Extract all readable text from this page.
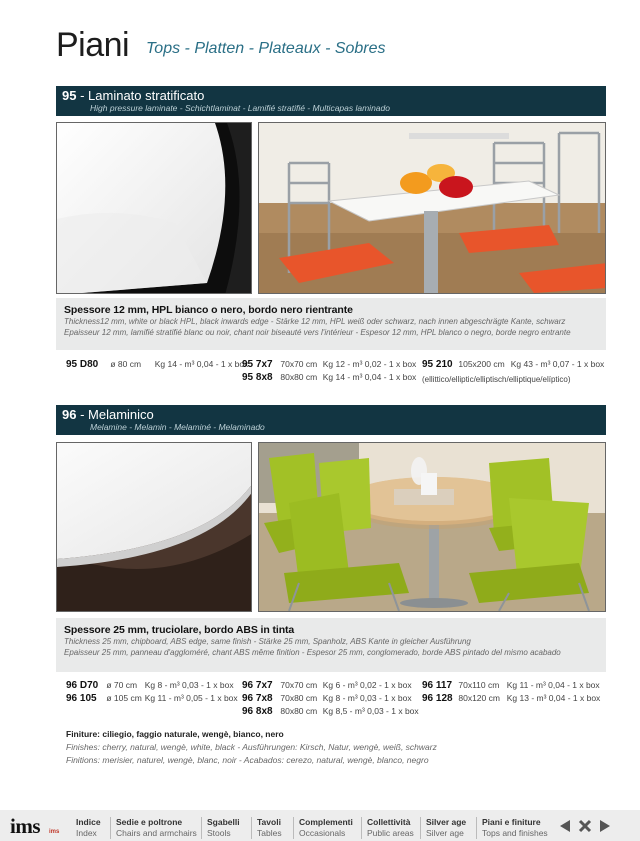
Piani Tops - Platten - Plateaux - Sobres
95 - Laminato stratificato
High pressure laminate - Schichtlaminat - Lamifié stratifié - Multicapas laminado
Spessore 12 mm, HPL bianco o nero, bordo nero rientrante
Thickness12 mm, white or black HPL, black inwards edge - Stärke 12 mm, HPL weiß oder schwarz, nach innen abgeschrägte Kante, schwarz
Epaisseur 12 mm, lamifié stratifié blanc ou noir, chant noir biseauté vers l'intérieur - Espesor 12 mm, HPL blanco o negro, borde negro entrante
95 D80 ø 80 cm Kg 14 - m³ 0,04 - 1 x box
95 7x7 70x70 cm Kg 12 - m³ 0,02 - 1 x box
95 8x8 80x80 cm Kg 14 - m³ 0,04 - 1 x box
95 210 105x200 cm Kg 43 - m³ 0,07 - 1 x box
(ellittico/elliptic/elliptisch/elliptique/elíptico)
96 - Melaminico
Melamine - Melamin - Melaminé - Melaminado
Spessore 25 mm, truciolare, bordo ABS in tinta
Thickness 25 mm, chipboard, ABS edge, same finish - Stärke 25 mm, Spanholz, ABS Kante in gleicher Ausführung
Epaisseur 25 mm, panneau d'aggloméré, chant ABS même finition - Espesor 25 mm, conglomerado, borde ABS pintado del mismo acabado
96 D70 ø 70 cm Kg 8 - m³ 0,03 - 1 x box
96 105 ø 105 cm Kg 11 - m³ 0,05 - 1 x box
96 7x7 70x70 cm Kg 6 - m³ 0,02 - 1 x box
96 7x8 70x80 cm Kg 8 - m³ 0,03 - 1 x box
96 8x8 80x80 cm Kg 8,5 - m³ 0,03 - 1 x box
96 117 70x110 cm Kg 11 - m³ 0,04 - 1 x box
96 128 80x120 cm Kg 13 - m³ 0,04 - 1 x box
Finiture: ciliegio, faggio naturale, wengè, bianco, nero
Finishes: cherry, natural, wengè, white, black - Ausführungen: Kirsch, Natur, wengè, weiß, schwarz
Finitions: merisier, naturel, wengè, blanc, noir - Acabados: cerezo, natural, wengè, blanco, negro
ims ims
Indice
Index
Sedie e poltrone
Chairs and armchairs
Sgabelli
Stools
Tavoli
Tables
Complementi
Occasionals
Collettività
Public areas
Silver age
Silver age
Piani e finiture
Tops and finishes
